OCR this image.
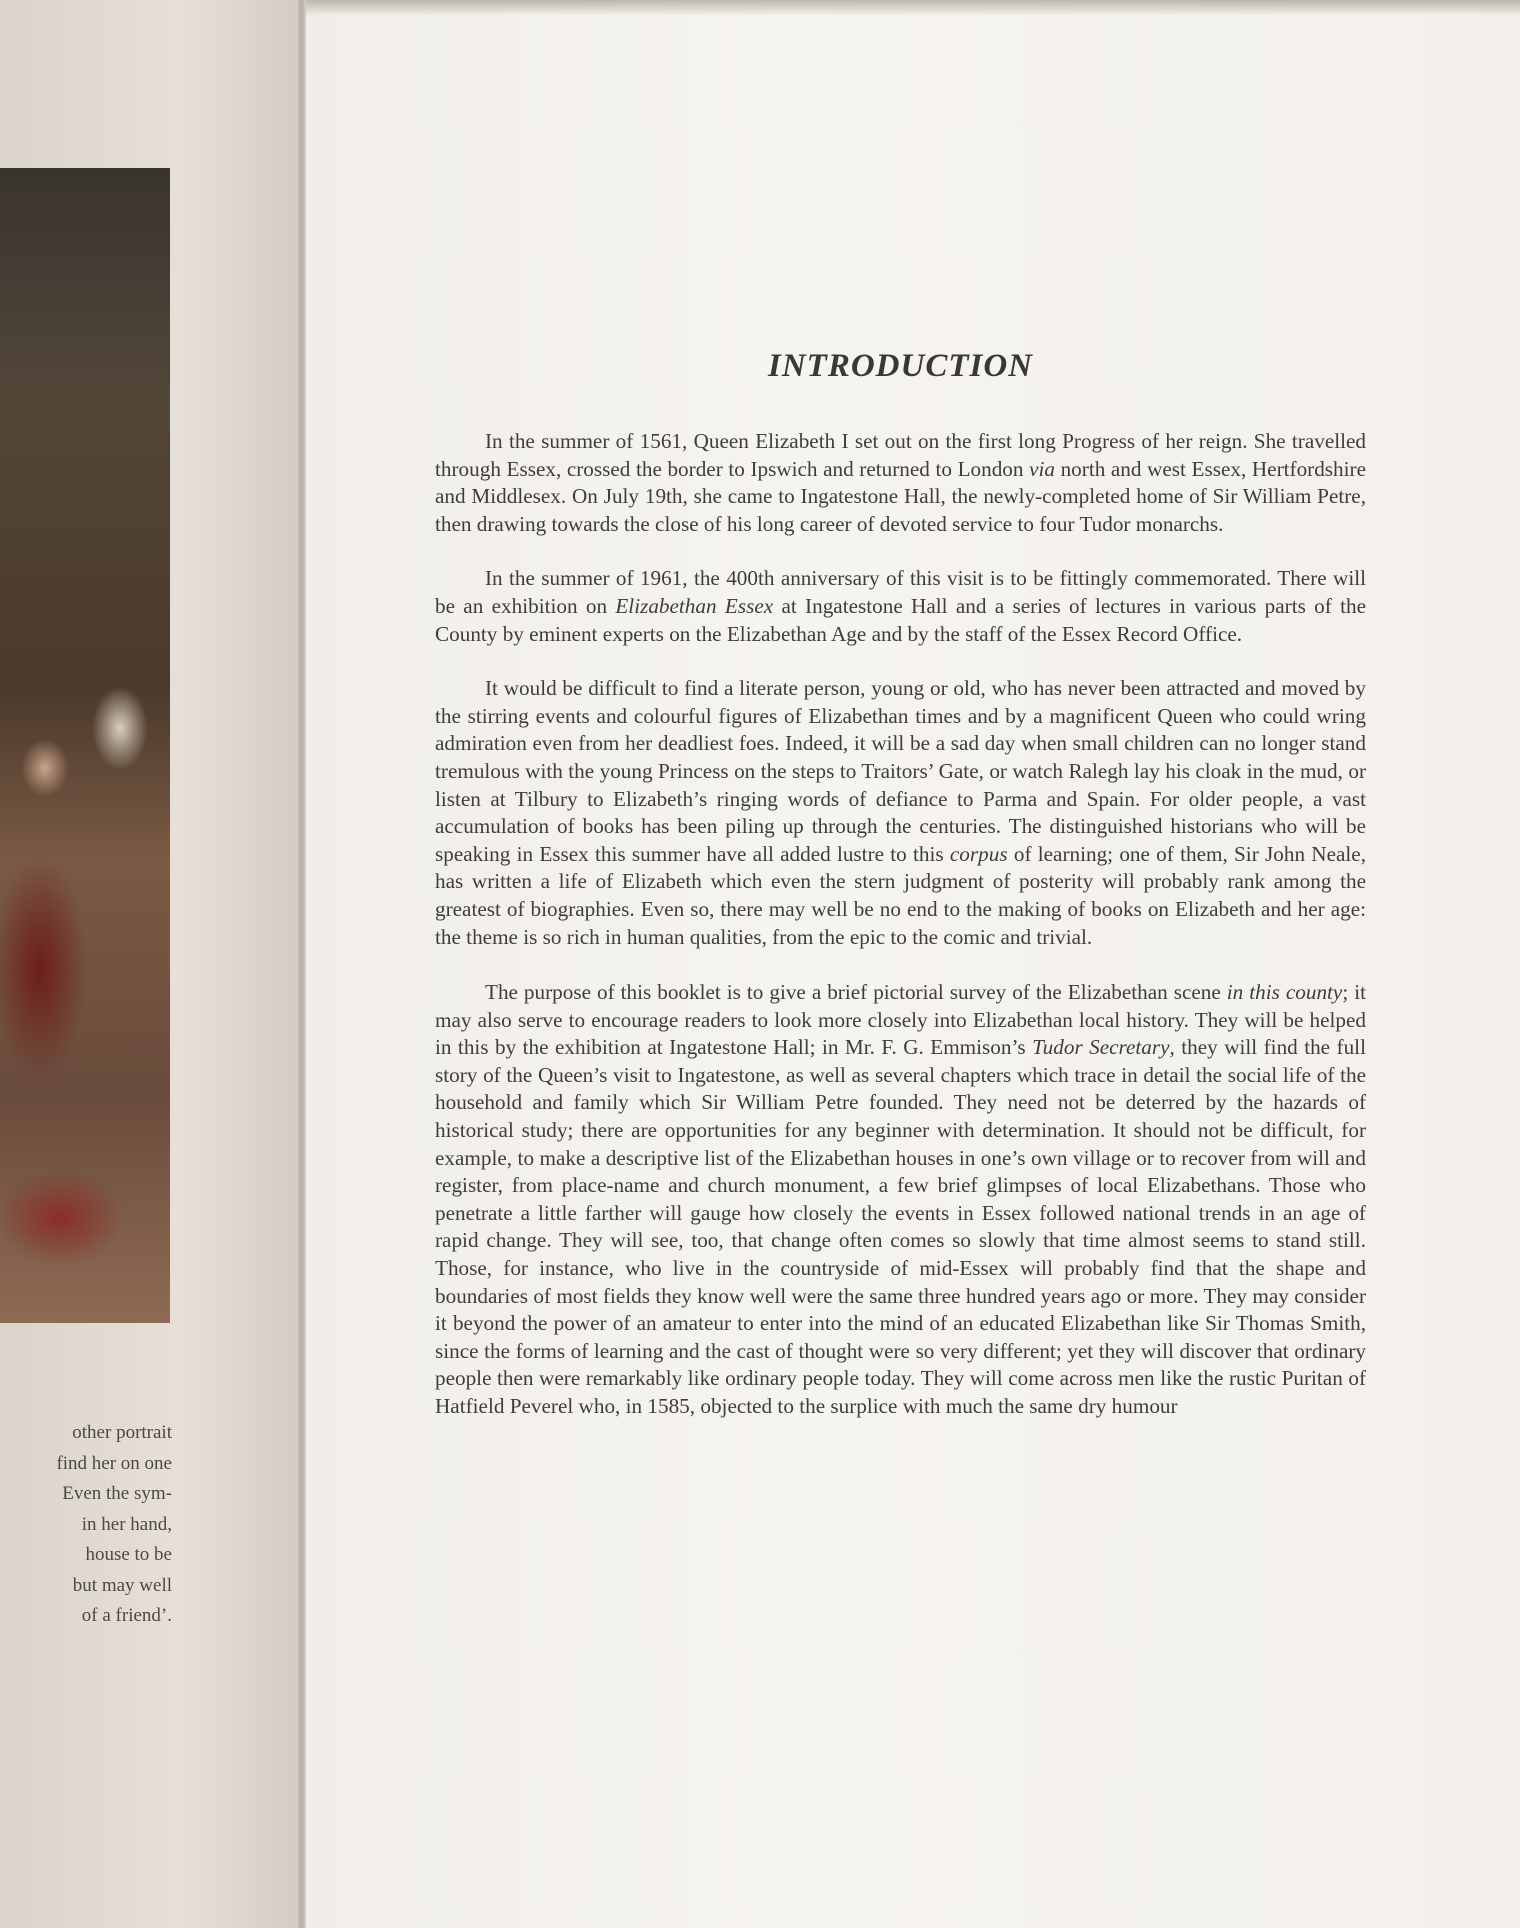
other portrait
find her on one
Even the sym-
in her hand,
house to be
but may well
of a friend’.
INTRODUCTION

In the summer of 1561, Queen Elizabeth I set out on the first long Progress of her reign. She travelled through Essex, crossed the border to Ipswich and returned to London via north and west Essex, Hertfordshire and Middlesex. On July 19th, she came to Ingatestone Hall, the newly-completed home of Sir William Petre, then drawing towards the close of his long career of devoted service to four Tudor monarchs.

In the summer of 1961, the 400th anniversary of this visit is to be fittingly commemorated. There will be an exhibition on Elizabethan Essex at Ingatestone Hall and a series of lectures in various parts of the County by eminent experts on the Elizabethan Age and by the staff of the Essex Record Office.

It would be difficult to find a literate person, young or old, who has never been attracted and moved by the stirring events and colourful figures of Elizabethan times and by a magnificent Queen who could wring admiration even from her deadliest foes. Indeed, it will be a sad day when small children can no longer stand tremulous with the young Princess on the steps to Traitors’ Gate, or watch Ralegh lay his cloak in the mud, or listen at Tilbury to Elizabeth’s ringing words of defiance to Parma and Spain. For older people, a vast accumulation of books has been piling up through the centuries. The distinguished historians who will be speaking in Essex this summer have all added lustre to this corpus of learning; one of them, Sir John Neale, has written a life of Elizabeth which even the stern judgment of posterity will probably rank among the greatest of biographies. Even so, there may well be no end to the making of books on Elizabeth and her age: the theme is so rich in human qualities, from the epic to the comic and trivial.

The purpose of this booklet is to give a brief pictorial survey of the Elizabethan scene in this county; it may also serve to encourage readers to look more closely into Elizabethan local history. They will be helped in this by the exhibition at Ingatestone Hall; in Mr. F. G. Emmison’s Tudor Secretary, they will find the full story of the Queen’s visit to Ingatestone, as well as several chapters which trace in detail the social life of the household and family which Sir William Petre founded. They need not be deterred by the hazards of historical study; there are opportunities for any beginner with determination. It should not be difficult, for example, to make a descriptive list of the Elizabethan houses in one’s own village or to recover from will and register, from place-name and church monument, a few brief glimpses of local Elizabethans. Those who penetrate a little farther will gauge how closely the events in Essex followed national trends in an age of rapid change. They will see, too, that change often comes so slowly that time almost seems to stand still. Those, for instance, who live in the countryside of mid-Essex will probably find that the shape and boundaries of most fields they know well were the same three hundred years ago or more. They may consider it beyond the power of an amateur to enter into the mind of an educated Elizabethan like Sir Thomas Smith, since the forms of learning and the cast of thought were so very different; yet they will discover that ordinary people then were remarkably like ordinary people today. They will come across men like the rustic Puritan of Hatfield Peverel who, in 1585, objected to the surplice with much the same dry humour
